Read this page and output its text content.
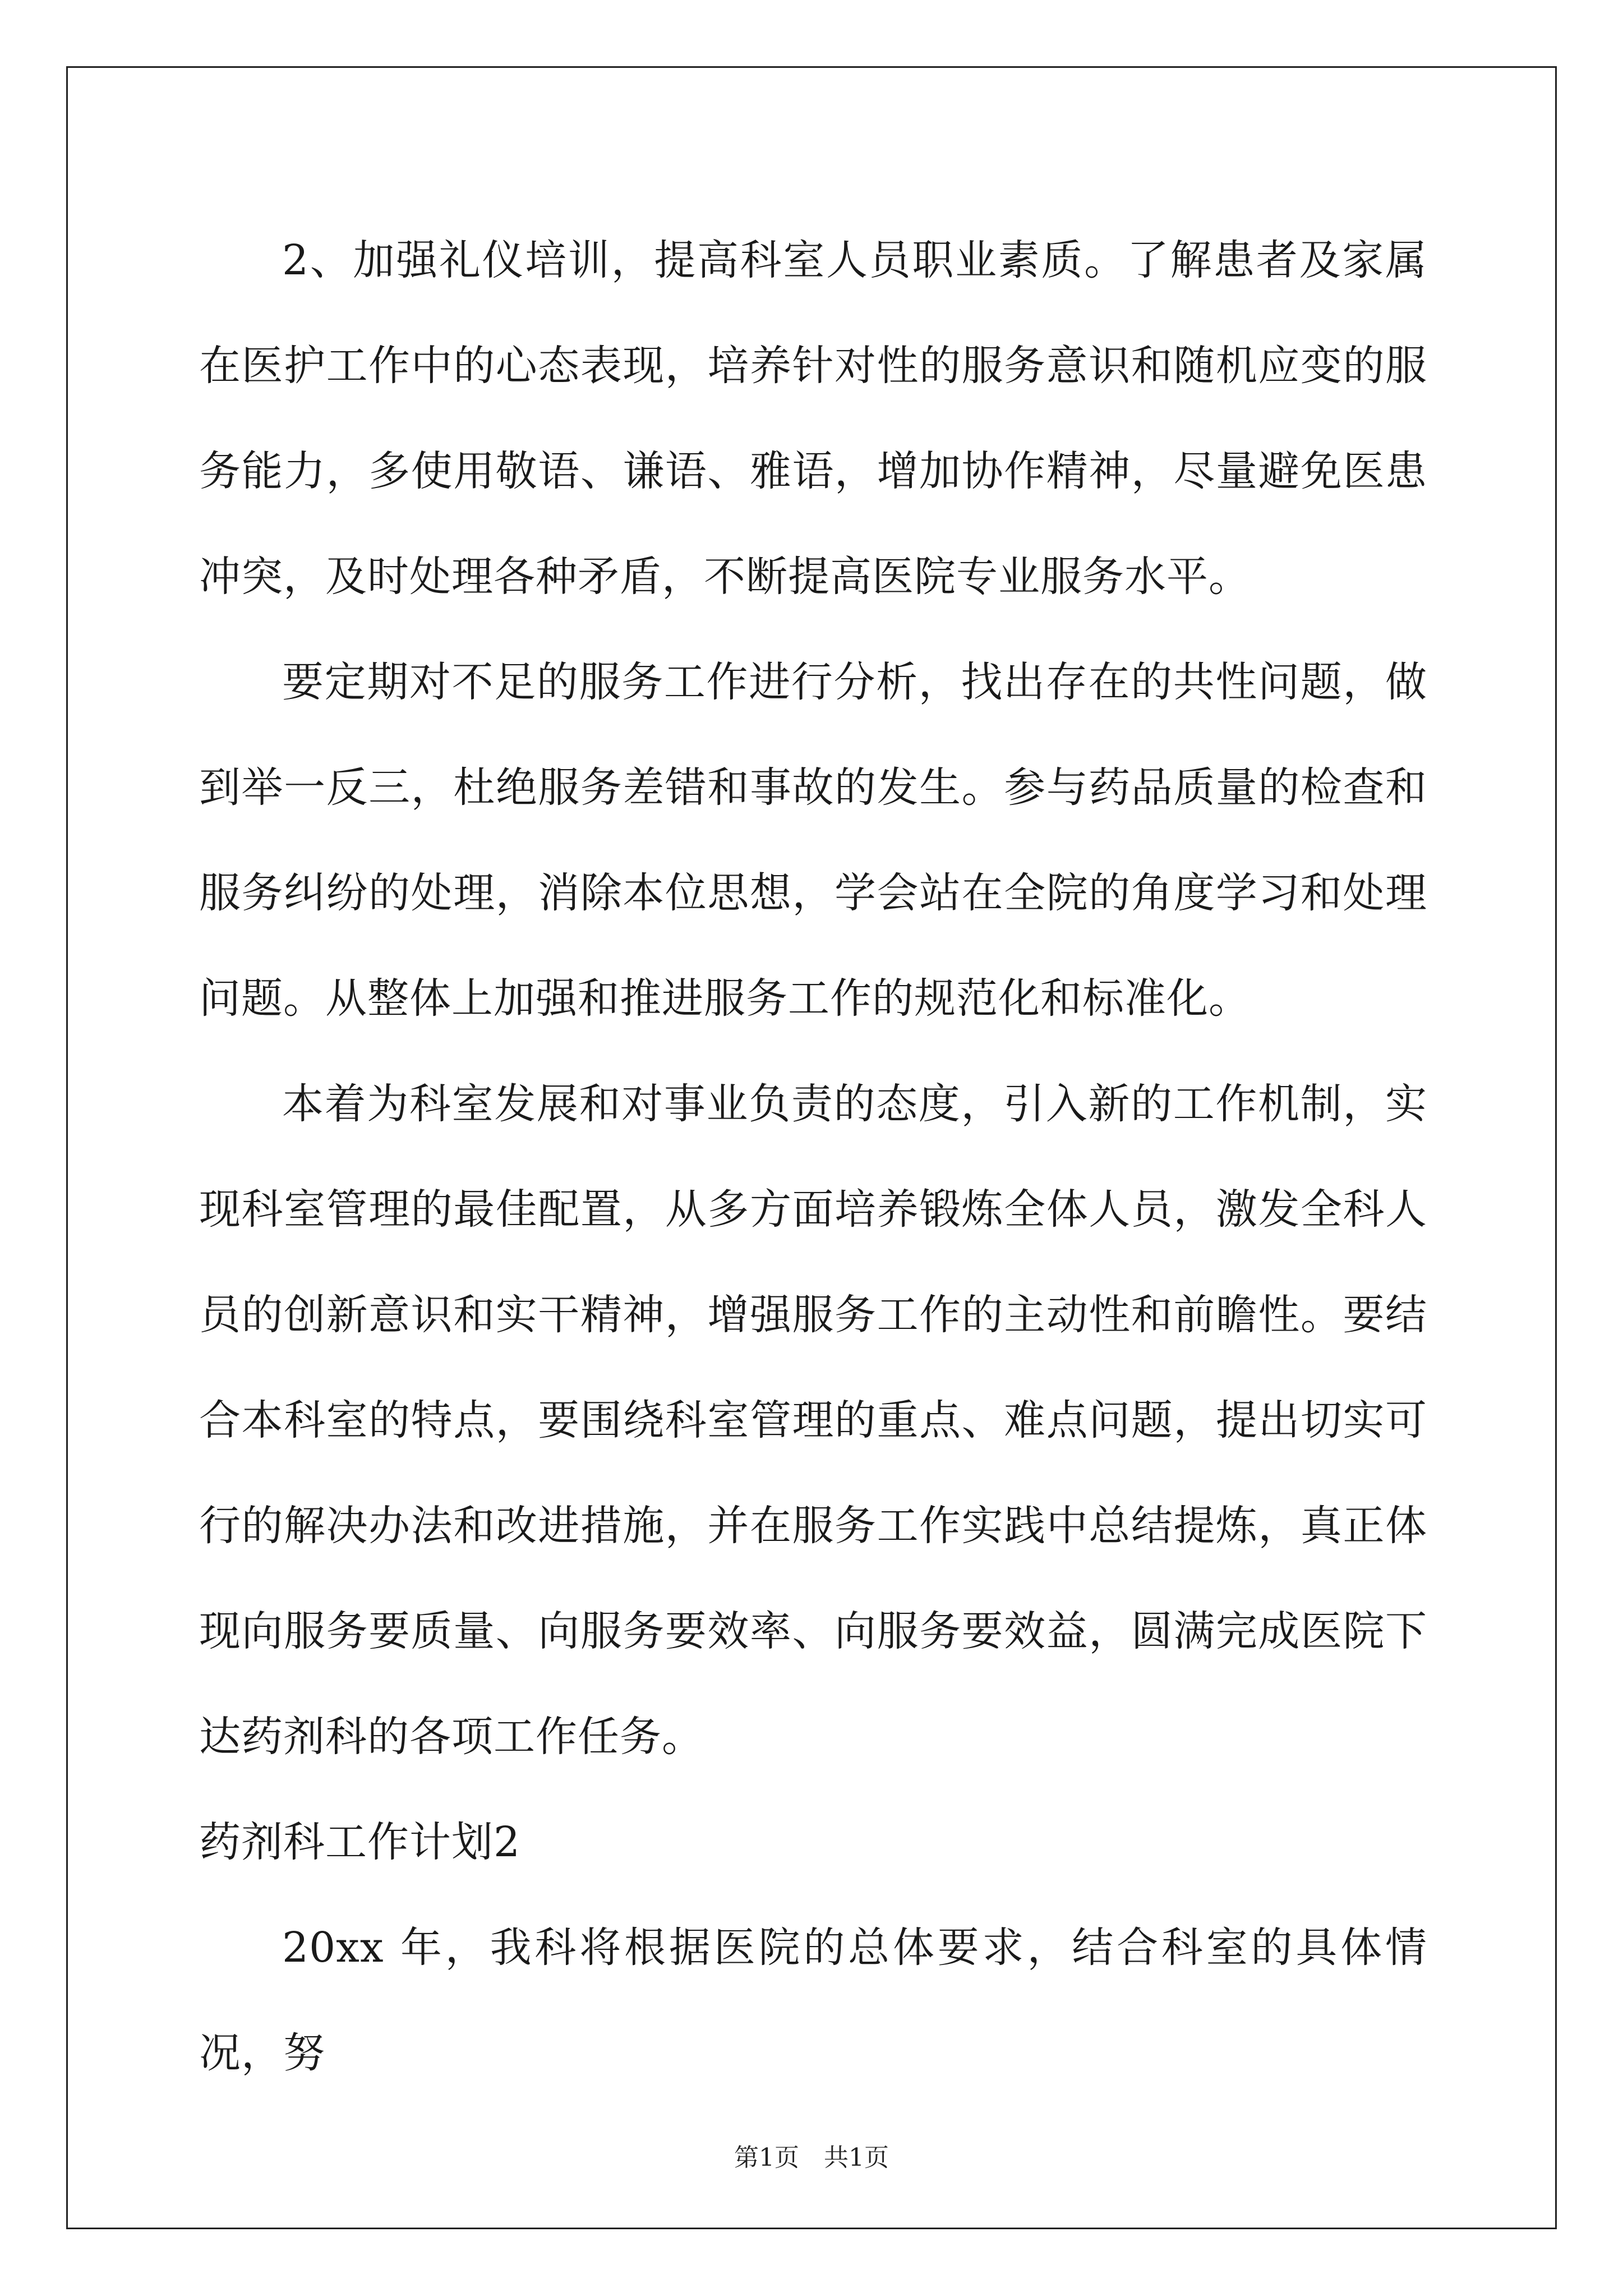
2、加强礼仪培训，提高科室人员职业素质。了解患者及家属在医护工作中的心态表现，培养针对性的服务意识和随机应变的服务能力，多使用敬语、谦语、雅语，增加协作精神，尽量避免医患冲突，及时处理各种矛盾，不断提高医院专业服务水平。

要定期对不足的服务工作进行分析，找出存在的共性问题，做到举一反三，杜绝服务差错和事故的发生。参与药品质量的检查和服务纠纷的处理，消除本位思想，学会站在全院的角度学习和处理问题。从整体上加强和推进服务工作的规范化和标准化。

本着为科室发展和对事业负责的态度，引入新的工作机制，实现科室管理的最佳配置，从多方面培养锻炼全体人员，激发全科人员的创新意识和实干精神，增强服务工作的主动性和前瞻性。要结合本科室的特点，要围绕科室管理的重点、难点问题，提出切实可行的解决办法和改进措施，并在服务工作实践中总结提炼，真正体现向服务要质量、向服务要效率、向服务要效益，圆满完成医院下达药剂科的各项工作任务。

药剂科工作计划2

20xx 年，我科将根据医院的总体要求，结合科室的具体情况，努

第1页　共1页
